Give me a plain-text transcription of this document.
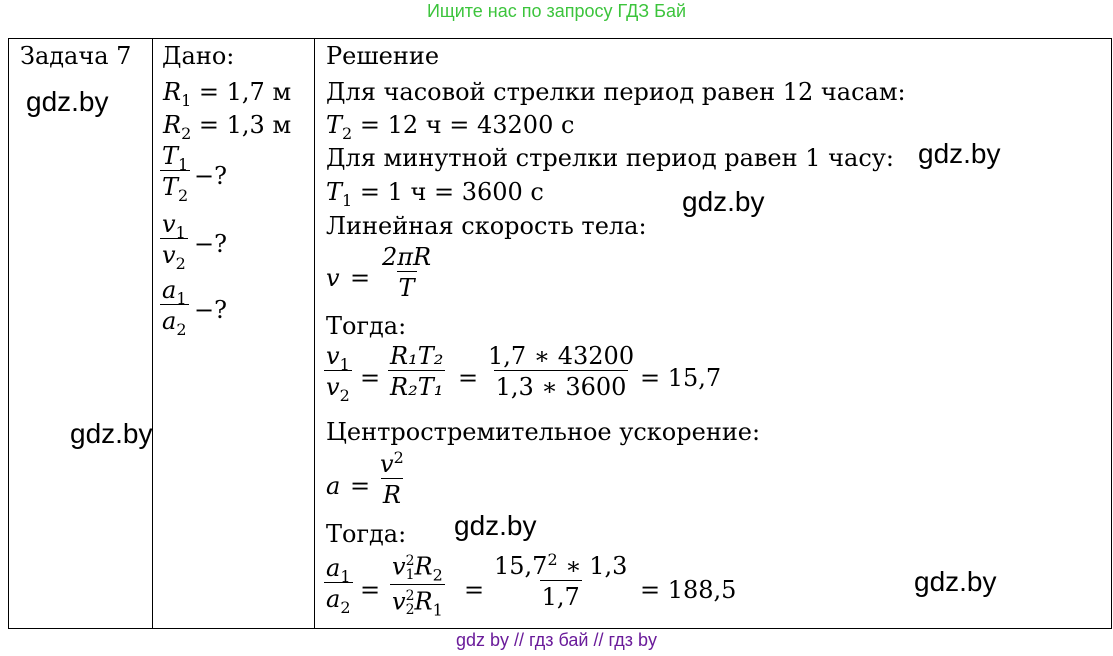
Ищите нас по запросу ГДЗ Бай
Задача 7 Дано:
$R_1 = 1,7$ м
$R_2 = 1,3$ м
$\frac{T_1}{T_2}$ −?
$\frac{v_1}{v_2}$ −?
$\frac{a_1}{a_2}$ −?
Решение
Для часовой стрелки период равен 12 часам:
$T_2 = 12$ ч = 43200 с
Для минутной стрелки период равен 1 часу:
$T_1 = 1$ ч = 3600 с
Линейная скорость тела:
$v = \frac{2\pi R}{T}$
Тогда:
$\frac{v_1}{v_2} = \frac{\text{R₁T₂}}{\text{R₂T₁}} = \frac{1,7 ∗ 43200}{1,3 ∗ 3600} = 15,7$
Центростремительное ускорение:
$a = \frac{v^2}{R}$
Тогда:
$\frac{a_1}{a_2} = v$ 2
1 $R_2$
v 2
2 $R_1 = \frac{15,7^2 ∗ 1,3}{1,7} = 188,5$
gdz.by
gdz.by
gdz.by
gdz.by
gdz.by
gdz.by
gdz by // гдз бай // гдз by
